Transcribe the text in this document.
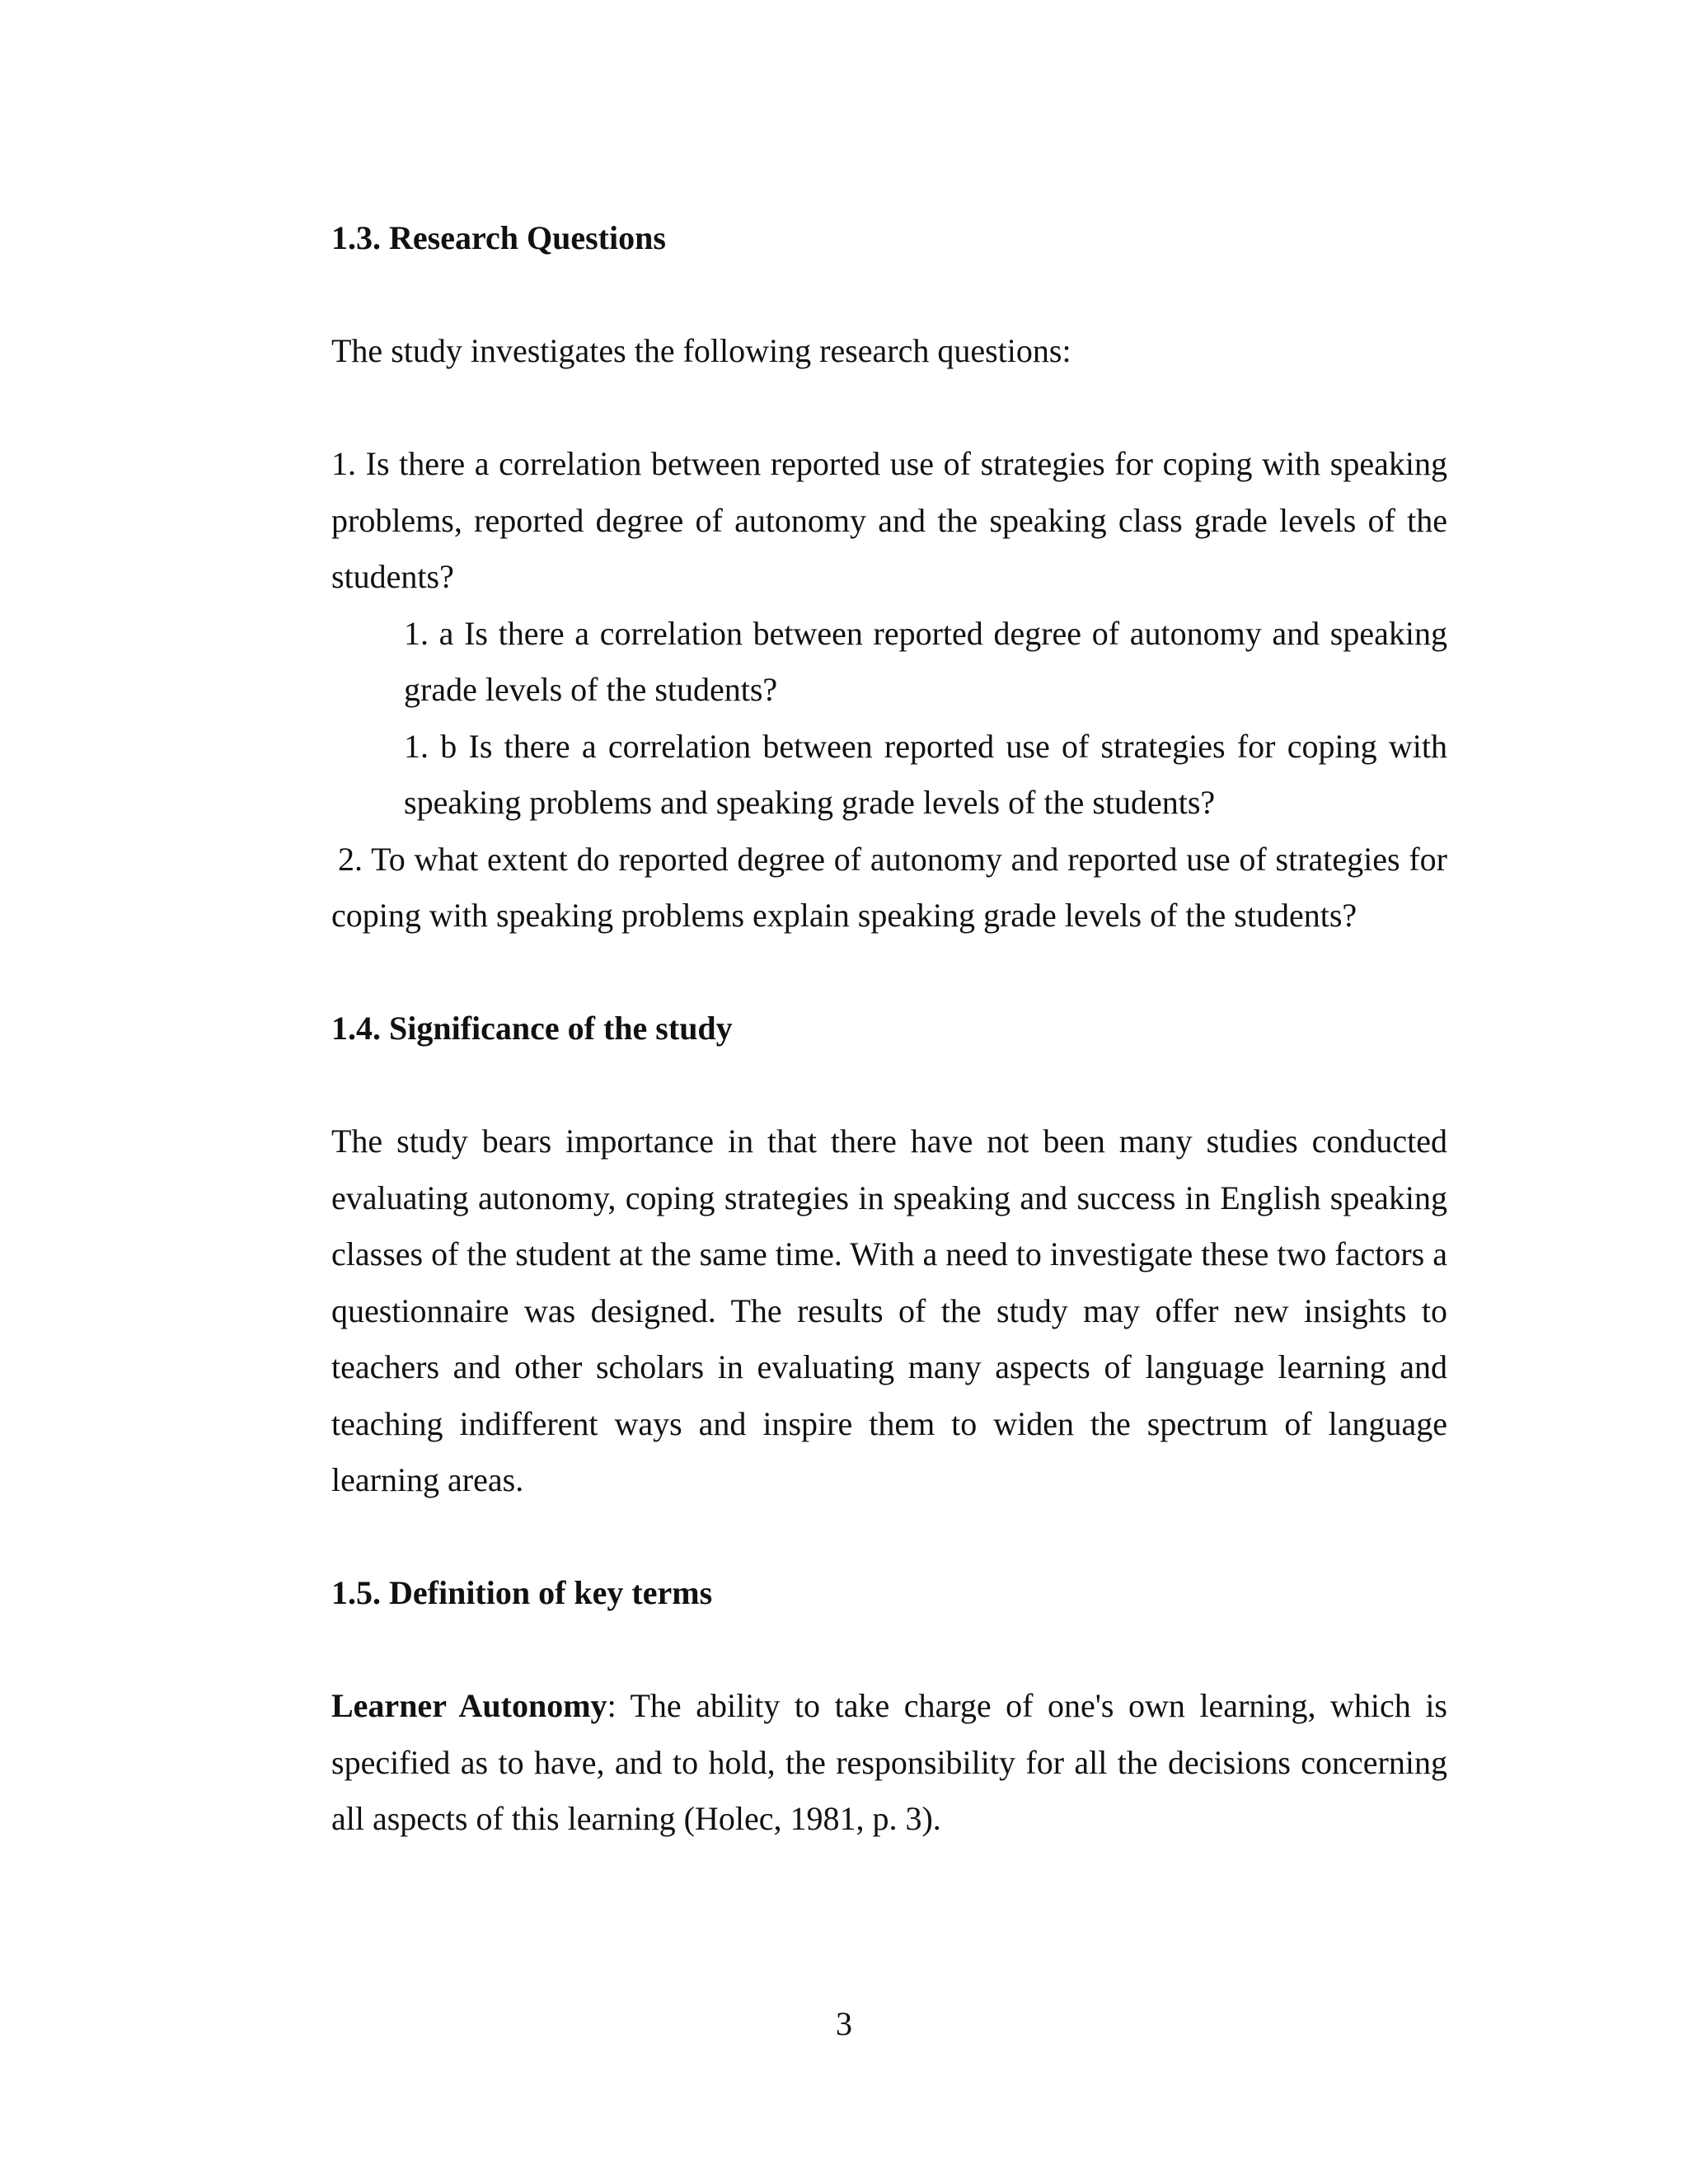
1.3. Research Questions

The study investigates the following research questions:

1. Is there a correlation between reported use of strategies for coping with speaking problems, reported degree of autonomy and the speaking class grade levels of the students?

1. a Is there a correlation between reported degree of autonomy and speaking grade levels of the students?

1. b Is there a correlation between reported use of strategies for coping with speaking problems and speaking grade levels of the students?

2. To what extent do reported degree of autonomy and reported use of strategies for coping with speaking problems explain speaking grade levels of the students?

1.4. Significance of the study

The study bears importance in that there have not been many studies conducted evaluating autonomy, coping strategies in speaking and success in English speaking classes of the student at the same time. With a need to investigate these two factors a questionnaire was designed. The results of the study may offer new insights to teachers and other scholars in evaluating many aspects of language learning and teaching indifferent ways and inspire them to widen the spectrum of language learning areas.

1.5. Definition of key terms

Learner Autonomy: The ability to take charge of one's own learning, which is specified as to have, and to hold, the responsibility for all the decisions concerning all aspects of this learning (Holec, 1981, p. 3).

3
